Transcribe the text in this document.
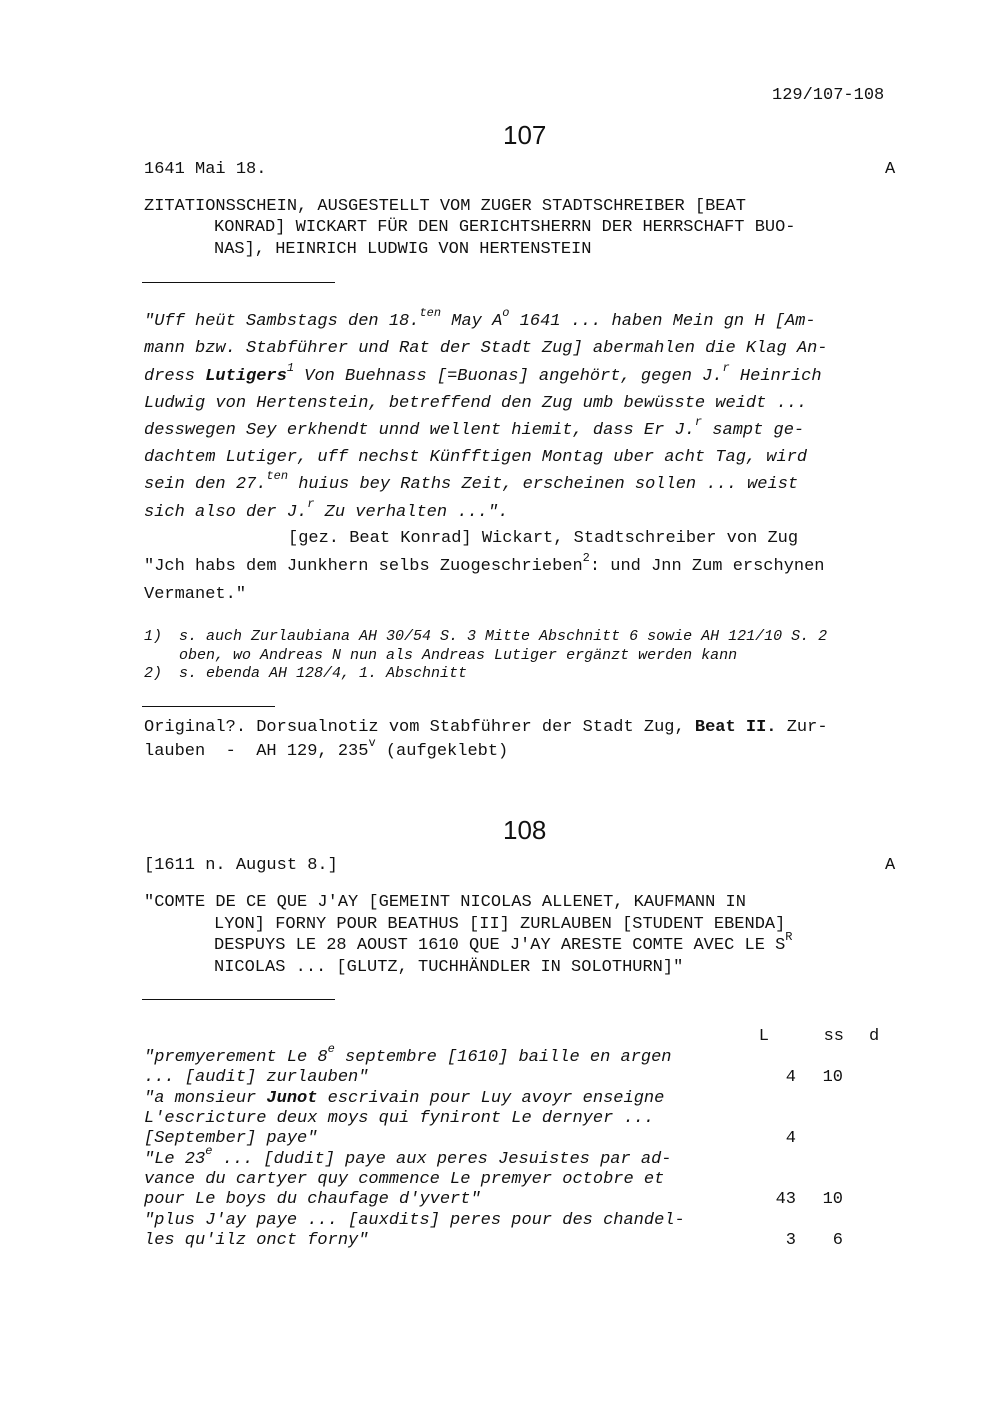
129/107-108
107
1641 Mai 18.	A
ZITATIONSSCHEIN, AUSGESTELLT VOM ZUGER STADTSCHREIBER [BEAT
KONRAD] WICKART FÜR DEN GERICHTSHERRN DER HERRSCHAFT BUO-
NAS], HEINRICH LUDWIG VON HERTENSTEIN
"Uff heüt Sambstags den 18.$^{ten}$ May $A^o$ 1641 ... haben Mein gn H [Am-
mann bzw. Stabführer und Rat der Stadt Zug] abermahlen die Klag An-
dress Lutigers$^1$ Von Buehnass [=Buonas] angehört, gegen J.$^r$ Heinrich
Ludwig von Hertenstein, betreffend den Zug umb bewüsste weidt ...
desswegen Sey erkhendt unnd wellent hiemit, dass Er J.$^r$ sampt ge-
dachtem Lutiger, uff nechst Künfftigen Montag uber acht Tag, wird
sein den 27.$^{ten}$ huius bey Raths Zeit, erscheinen sollen ... weist
sich also der J.$^r$ Zu verhalten ...".
[gez. Beat Konrad] Wickart, Stadtschreiber von Zug
"Jch habs dem Junkhern selbs Zuogeschrieben$^2$: und Jnn Zum erschynen
Vermanet."
1) s. auch Zurlaubiana AH 30/54 S. 3 Mitte Abschnitt 6 sowie AH 121/10 S. 2
oben, wo Andreas N nun als Andreas Lutiger ergänzt werden kann
2) s. ebenda AH 128/4, 1. Abschnitt
Original?. Dorsualnotiz vom Stabführer der Stadt Zug, Beat II. Zur-
lauben  -  AH 129, 235$^v$ (aufgeklebt)
108
[1611 n. August 8.]	A
"COMTE DE CE QUE J'AY [GEMEINT NICOLAS ALLENET, KAUFMANN IN
LYON] FORNY POUR BEATHUS [II] ZURLAUBEN [STUDENT EBENDA]
DESPUYS LE 28 AOUST 1610 QUE J'AY ARESTE COMTE AVEC LE $S^R$
NICOLAS ... [GLUTZ, TUCHHÄNDLER IN SOLOTHURN]"
L	ss d
"premyerement Le 8e septembre [1610] baille en argen
... [audit] zurlauben"	4	10
"a monsieur Junot escrivain pour Luy avoyr enseigne
L'escricture deux moys qui fyniront Le dernyer ...
[September] paye"	4
"Le 23e ... [dudit] paye aux peres Jesuistes par ad-
vance du cartyer quy commence Le premyer octobre et
pour Le boys du chaufage d'yvert"	43	10
"plus J'ay paye ... [auxdits] peres pour des chandel-
les qu'ilz onct forny"	3	6
